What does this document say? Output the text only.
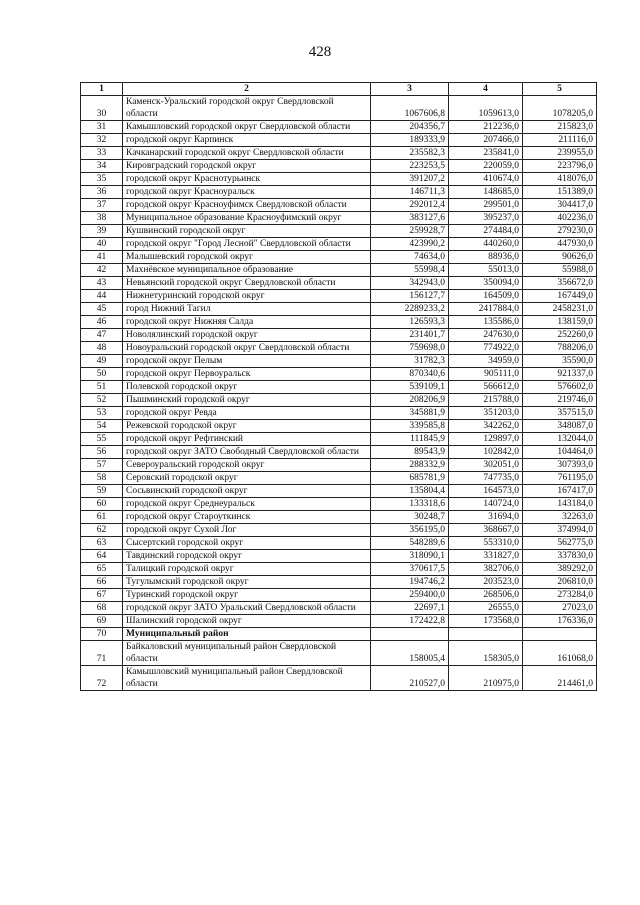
428
1	2	3	4	5
30	Каменск-Уральский городской округ Свердловской области	1067606,8	1059613,0	1078205,0
31	Камышловский городской округ Свердловской области	204356,7	212236,0	215823,0
32	городской округ Карпинск	189333,9	207466,0	211116,0
33	Качканарский городской округ Свердловской области	235582,3	235841,0	239955,0
34	Кировградский городской округ	223253,5	220059,0	223796,0
35	городской округ Краснотурьинск	391207,2	410674,0	418076,0
36	городской округ Красноуральск	146711,3	148685,0	151389,0
37	городской округ Красноуфимск Свердловской области	292012,4	299501,0	304417,0
38	Муниципальное образование Красноуфимский округ	383127,6	395237,0	402236,0
39	Кушвинский городской округ	259928,7	274484,0	279230,0
40	городской округ "Город Лесной" Свердловской области	423990,2	440260,0	447930,0
41	Малышевский городской округ	74634,0	88936,0	90626,0
42	Махнёвское муниципальное образование	55998,4	55013,0	55988,0
43	Невьянский городской округ Свердловской области	342943,0	350094,0	356672,0
44	Нижнетуринский городской округ	156127,7	164509,0	167449,0
45	город Нижний Тагил	2289233,2	2417884,0	2458231,0
46	городской округ Нижняя Салда	126593,3	135586,0	138159,0
47	Новолялинский городской округ	231401,7	247630,0	252260,0
48	Новоуральский городской округ Свердловской области	759698,0	774922,0	788206,0
49	городской округ Пелым	31782,3	34959,0	35590,0
50	городской округ Первоуральск	870340,6	905111,0	921337,0
51	Полевской городской округ	539109,1	566612,0	576602,0
52	Пышминский городской округ	208206,9	215788,0	219746,0
53	городской округ Ревда	345881,9	351203,0	357515,0
54	Режевской городской округ	339585,8	342262,0	348087,0
55	городской округ Рефтинский	111845,9	129897,0	132044,0
56	городской округ ЗАТО Свободный Свердловской области	89543,9	102842,0	104464,0
57	Североуральский городской округ	288332,9	302051,0	307393,0
58	Серовский городской округ	685781,9	747735,0	761195,0
59	Сосьвинский городской округ	135804,4	164573,0	167417,0
60	городской округ Среднеуральск	133318,6	140724,0	143184,0
61	городской округ Староуткинск	30248,7	31694,0	32263,0
62	городской округ Сухой Лог	356195,0	368667,0	374994,0
63	Сысертский городской округ	548289,6	553310,0	562775,0
64	Тавдинский городской округ	318090,1	331827,0	337830,0
65	Талицкий городской округ	370617,5	382706,0	389292,0
66	Тугулымский городской округ	194746,2	203523,0	206810,0
67	Туринский городской округ	259400,0	268506,0	273284,0
68	городской округ ЗАТО Уральский Свердловской области	22697,1	26555,0	27023,0
69	Шалинский городской округ	172422,8	173568,0	176336,0
70	Муниципальный район			
71	Байкаловский муниципальный район Свердловской области	158005,4	158305,0	161068,0
72	Камышловский муниципальный район Свердловской области	210527,0	210975,0	214461,0
